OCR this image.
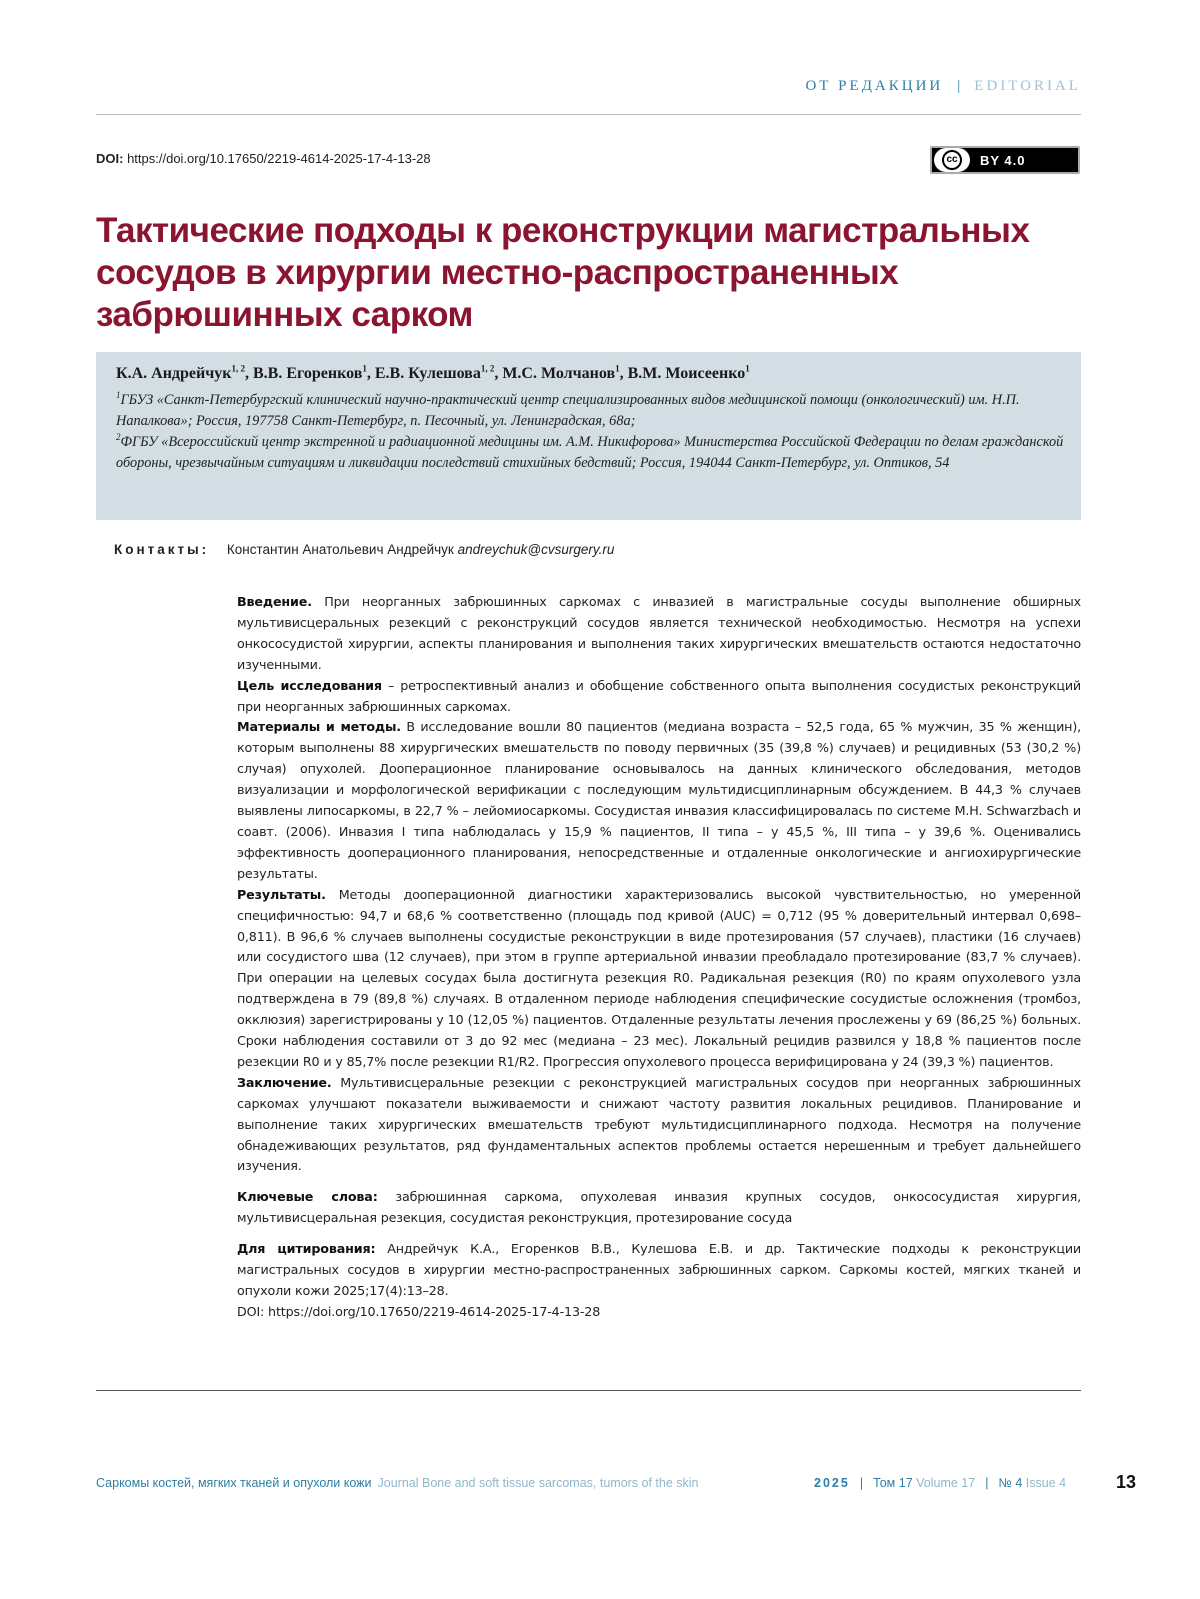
ОТ РЕДАКЦИИ | EDITORIAL
DOI: https://doi.org/10.17650/2219-4614-2025-17-4-13-28	cc	BY 4.0
Тактические подходы к реконструкции магистральных сосудов в хирургии местно-распространенных забрюшинных сарком
К.А. Андрейчук$^{1, 2}$, В.В. Егоренков$^1$, Е.В. Кулешова$^{1, 2}$, М.С. Молчанов$^1$, В.М. Моисеенко$^1$
$^1$ГБУЗ «Санкт-Петербургский клинический научно-практический центр специализированных видов медицинской помощи (онкологический) им. Н.П. Напалкова»; Россия, 197758 Санкт-Петербург, п. Песочный, ул. Ленинградская, 68а;
$^2$ФГБУ «Всероссийский центр экстренной и радиационной медицины им. А.М. Никифорова» Министерства Российской Федерации по делам гражданской обороны, чрезвычайным ситуациям и ликвидации последствий стихийных бедствий; Россия, 194044 Санкт-Петербург, ул. Оптиков, 54
Контакты: Константин Анатольевич Андрейчук andreychuk@cvsurgery.ru

Введение. При неорганных забрюшинных саркомах с инвазией в магистральные сосуды выполнение обширных мультивисцеральных резекций с реконструкций сосудов является технической необходимостью. Несмотря на успехи онкососудистой хирургии, аспекты планирования и выполнения таких хирургических вмешательств остаются недостаточно изученными.

Цель исследования – ретроспективный анализ и обобщение собственного опыта выполнения сосудистых реконструкций при неорганных забрюшинных саркомах.

Материалы и методы. В исследование вошли 80 пациентов (медиана возраста – 52,5 года, 65 % мужчин, 35 % женщин), которым выполнены 88 хирургических вмешательств по поводу первичных (35 (39,8 %) случаев) и рецидивных (53 (30,2 %) случая) опухолей. Дооперационное планирование основывалось на данных клинического обследования, методов визуализации и морфологической верификации с последующим мультидисциплинарным обсуждением. В 44,3 % случаев выявлены липосаркомы, в 22,7 % – лейомиосаркомы. Сосудистая инвазия классифицировалась по системе M.H. Schwarzbach и соавт. (2006). Инвазия I типа наблюдалась у 15,9 % пациентов, II типа – у 45,5 %, III типа – у 39,6 %. Оценивались эффективность дооперационного планирования, непосредственные и отдаленные онкологические и ангиохирургические результаты.

Результаты. Методы дооперационной диагностики характеризовались высокой чувствительностью, но умеренной специфичностью: 94,7 и 68,6 % соответственно (площадь под кривой (AUC) = 0,712 (95 % доверительный интервал 0,698–0,811). В 96,6 % случаев выполнены сосудистые реконструкции в виде протезирования (57 случаев), пластики (16 случаев) или сосудистого шва (12 случаев), при этом в группе артериальной инвазии преобладало протезирование (83,7 % случаев). При операции на целевых сосудах была достигнута резекция R0. Радикальная резекция (R0) по краям опухолевого узла подтверждена в 79 (89,8 %) случаях. В отдаленном периоде наблюдения специфические сосудистые осложнения (тромбоз, окклюзия) зарегистрированы у 10 (12,05 %) пациентов. Отдаленные результаты лечения прослежены у 69 (86,25 %) больных. Сроки наблюдения составили от 3 до 92 мес (медиана – 23 мес). Локальный рецидив развился у 18,8 % пациентов после резекции R0 и у 85,7% после резекции R1/R2. Прогрессия опухолевого процесса верифицирована у 24 (39,3 %) пациентов.

Заключение. Мультивисцеральные резекции с реконструкцией магистральных сосудов при неорганных забрюшинных саркомах улучшают показатели выживаемости и снижают частоту развития локальных рецидивов. Планирование и выполнение таких хирургических вмешательств требуют мультидисциплинарного подхода. Несмотря на получение обнадеживающих результатов, ряд фундаментальных аспектов проблемы остается нерешенным и требует дальнейшего изучения.

Ключевые слова: забрюшинная саркома, опухолевая инвазия крупных сосудов, онкососудистая хирургия, мультивисцеральная резекция, сосудистая реконструкция, протезирование сосуда

Для цитирования: Андрейчук К.А., Егоренков В.В., Кулешова Е.В. и др. Тактические подходы к реконструкции магистральных сосудов в хирургии местно-распространенных забрюшинных сарком. Саркомы костей, мягких тканей и опухоли кожи 2025;17(4):13–28.

DOI: https://doi.org/10.17650/2219-4614-2025-17-4-13-28

Саркомы костей, мягких тканей и опухоли кожи Journal Bone and soft tissue sarcomas, tumors of the skin	2025 | Том 17 Volume 17 | № 4 Issue 4	13
